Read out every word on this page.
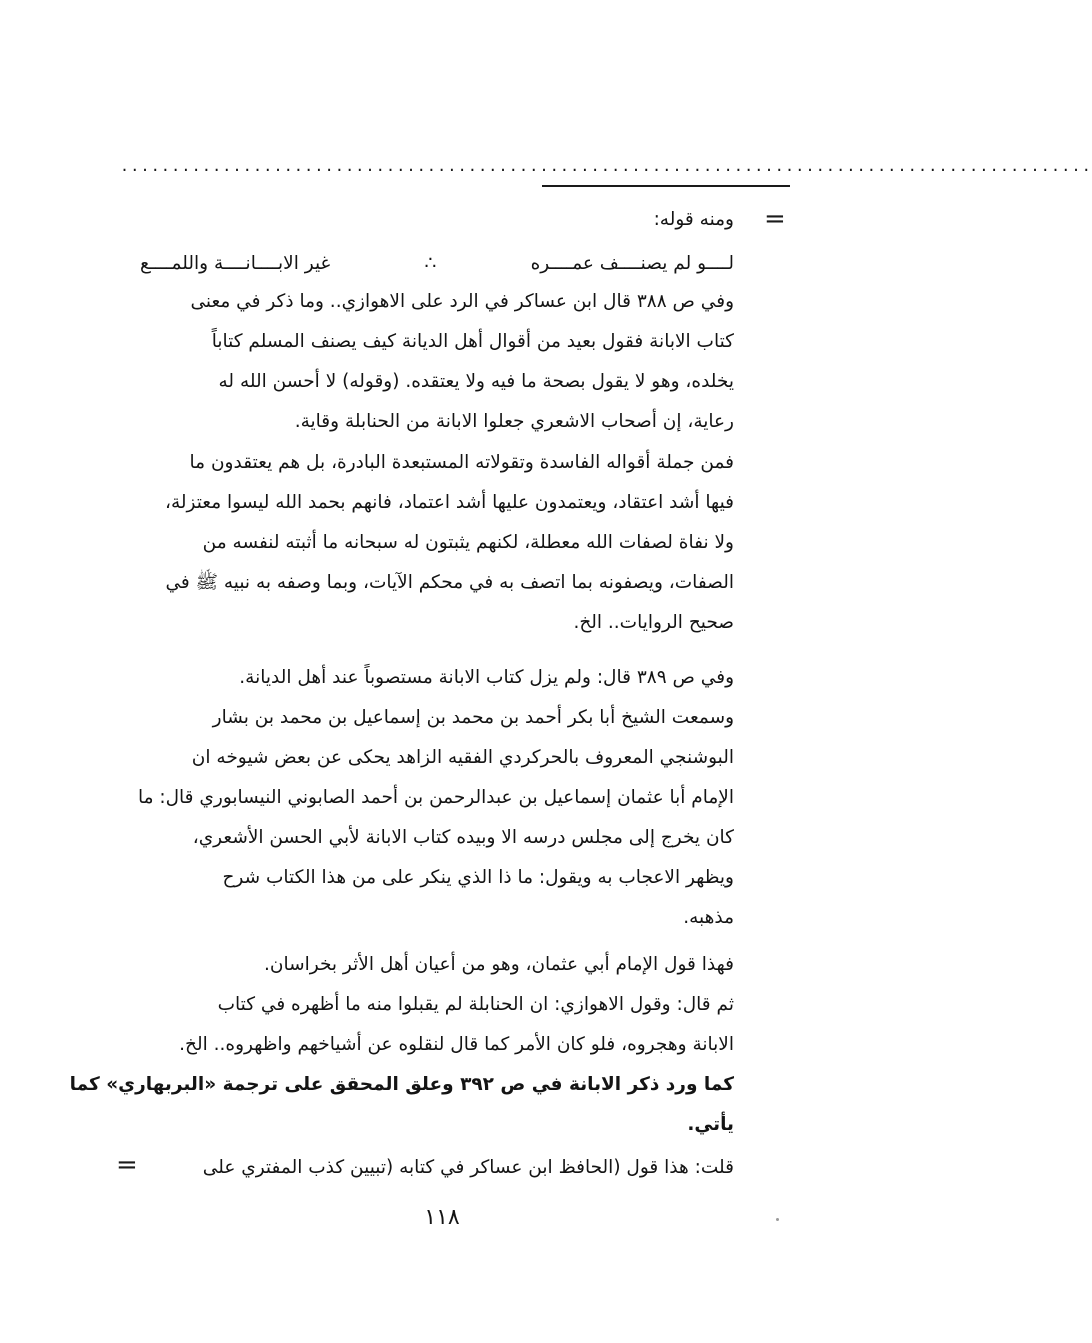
...............................................................................................
=

ومنه قوله:

لــــو لم يصنــــف عمــــره
∴
غير الابــــانــــة واللمــــع

وفي ص ٣٨٨ قال ابن عساكر في الرد على الاهوازي.. وما ذكر في معنى

كتاب الابانة فقول بعيد من أقوال أهل الديانة كيف يصنف المسلم كتاباً

يخلده، وهو لا يقول بصحة ما فيه ولا يعتقده. (وقوله) لا أحسن الله له

رعاية، إن أصحاب الاشعري جعلوا الابانة من الحنابلة وقاية.

فمن جملة أقواله الفاسدة وتقولاته المستبعدة البادرة، بل هم يعتقدون ما

فيها أشد اعتقاد، ويعتمدون عليها أشد اعتماد، فانهم بحمد الله ليسوا معتزلة،

ولا نفاة لصفات الله معطلة، لكنهم يثبتون له سبحانه ما أثبته لنفسه من

الصفات، ويصفونه بما اتصف به في محكم الآيات، وبما وصفه به نبيه ﷺ في

صحيح الروايات.. الخ.

وفي ص ٣٨٩ قال: ولم يزل كتاب الابانة مستصوباً عند أهل الديانة.

وسمعت الشيخ أبا بكر أحمد بن محمد بن إسماعيل بن محمد بن بشار

البوشنجي المعروف بالحركردي الفقيه الزاهد يحكى عن بعض شيوخه ان

الإمام أبا عثمان إسماعيل بن عبدالرحمن بن أحمد الصابوني النيسابوري قال: ما

كان يخرج إلى مجلس درسه الا وبيده كتاب الابانة لأبي الحسن الأشعري،

ويظهر الاعجاب به ويقول: ما ذا الذي ينكر على من هذا الكتاب شرح

مذهبه.

فهذا قول الإمام أبي عثمان، وهو من أعيان أهل الأثر بخراسان.

ثم قال: وقول الاهوازي: ان الحنابلة لم يقبلوا منه ما أظهره في كتاب

الابانة وهجروه، فلو كان الأمر كما قال لنقلوه عن أشياخهم واظهروه.. الخ.

كما ورد ذكر الابانة في ص ٣٩٢ وعلق المحقق على ترجمة «البربهاري» كما

يأتي.

قلت: هذا قول (الحافظ ابن عساكر في كتابه (تبيين كذب المفتري على

=
١١٨
